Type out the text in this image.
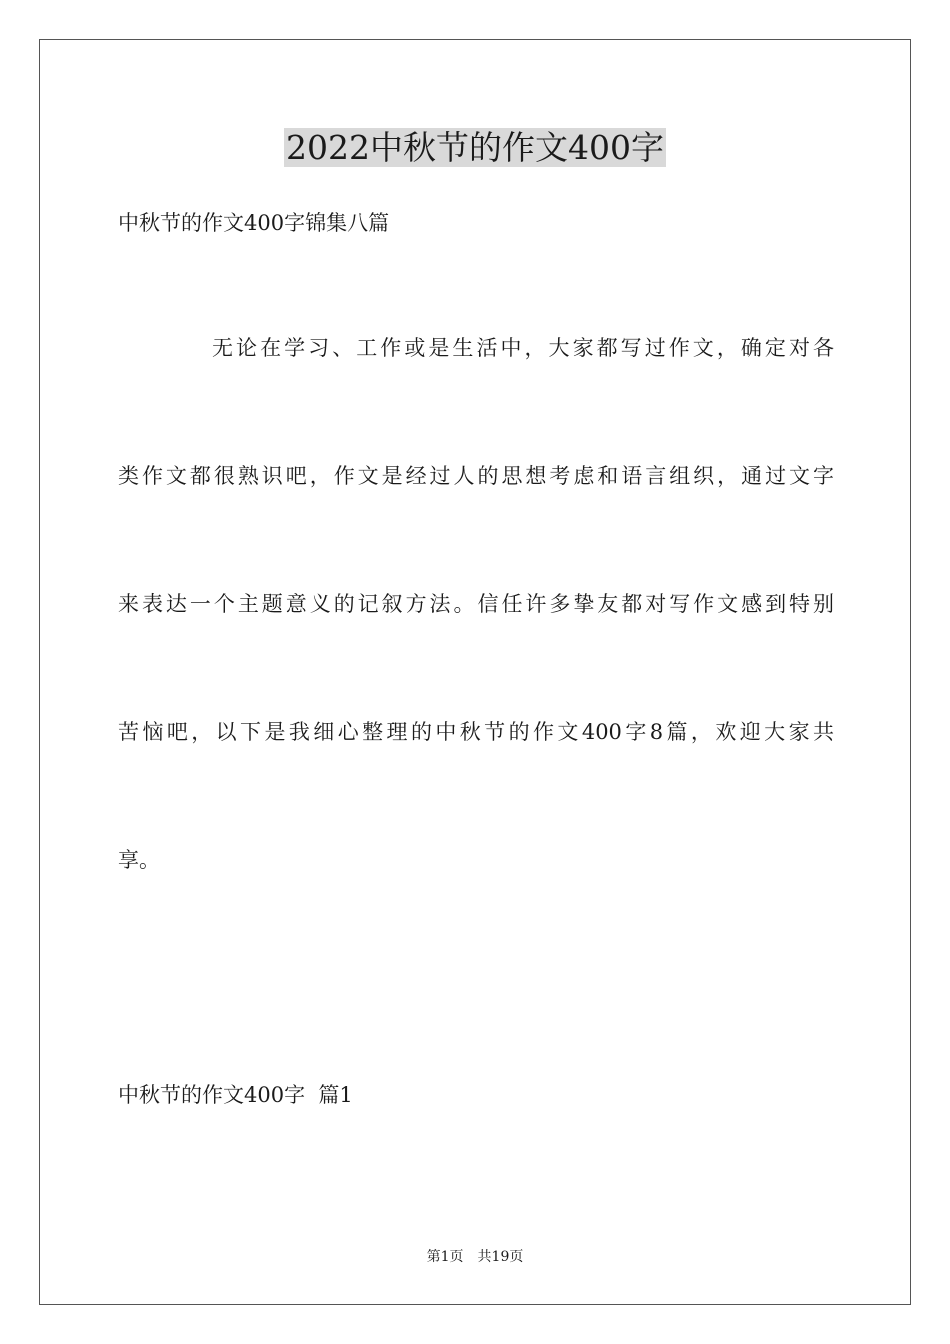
2022中秋节的作文400字

中秋节的作文400字锦集八篇

无论在学习、工作或是生活中，大家都写过作文，确定对各

类作文都很熟识吧，作文是经过人的思想考虑和语言组织，通过文字

来表达一个主题意义的记叙方法。信任许多挚友都对写作文感到特别

苦恼吧，以下是我细心整理的中秋节的作文400字8篇，欢迎大家共

享。

中秋节的作文400字  篇1

第1页 共19页
